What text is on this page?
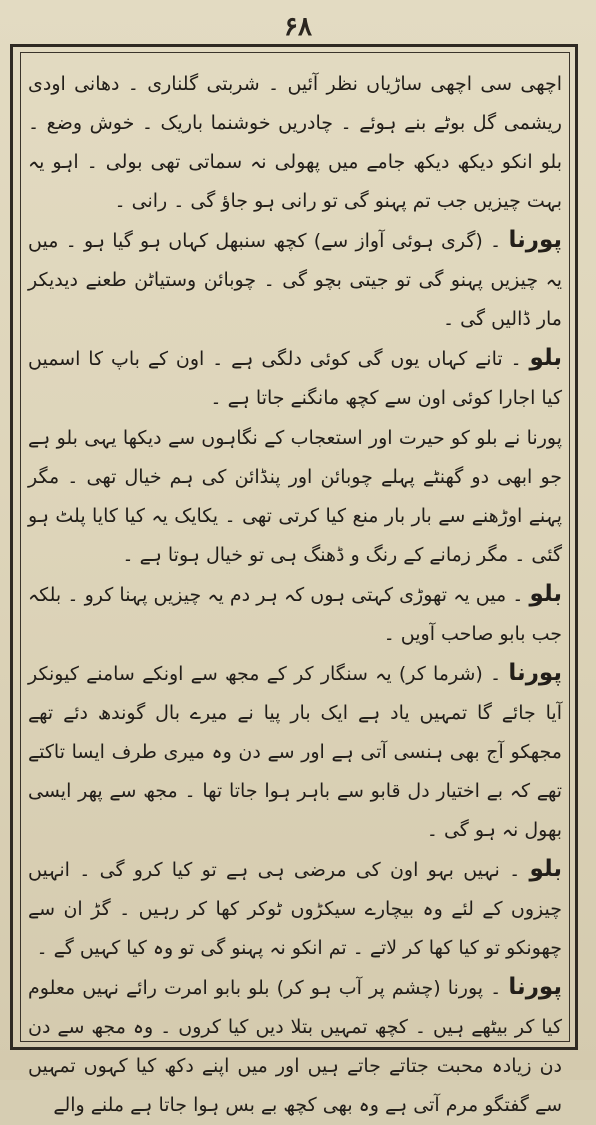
۶۸

اچھی سی اچھی ساڑیاں نظر آئیں ۔ شربتی گلناری ۔ دھانی اودی ریشمی گل بوٹے بنے ہوئے ۔ چادریں خوشنما باریک ۔ خوش وضع ۔ بلو انکو دیکھ دیکھ جامے میں پھولی نہ سماتی تھی بولی ۔ اہو یہ بہت چیزیں جب تم پہنو گی تو رانی ہو جاؤ گی ۔ رانی ۔

پورنا ۔ (گری ہوئی آواز سے) کچھ سنبھل کہاں ہو گیا ہو ۔ میں یہ چیزیں پہنو گی تو جیتی بچو گی ۔ چوبائن وستیاٹن طعنے دیدیکر مار ڈالیں گی ۔

بلو ۔ تانے کہاں یوں گی کوئی دلگی ہے ۔ اون کے باپ کا اسمیں کیا اجارا کوئی اون سے کچھ مانگنے جاتا ہے ۔

پورنا نے بلو کو حیرت اور استعجاب کے نگاہوں سے دیکھا یہی بلو ہے جو ابھی دو گھنٹے پہلے چوبائن اور پنڈائن کی ہم خیال تھی ۔ مگر پہنے اوڑھنے سے بار بار منع کیا کرتی تھی ۔ یکایک یہ کیا کایا پلٹ ہو گئی ۔ مگر زمانے کے رنگ و ڈھنگ ہی تو خیال ہوتا ہے ۔

بلو ۔ میں یہ تھوڑی کہتی ہوں کہ ہر دم یہ چیزیں پہنا کرو ۔ بلکہ جب بابو صاحب آویں ۔

پورنا ۔ (شرما کر) یہ سنگار کر کے مجھ سے اونکے سامنے کیونکر آیا جائے گا تمہیں یاد ہے ایک بار پیا نے میرے بال گوندھ دئے تھے مجھکو آج بھی ہنسی آتی ہے اور سے دن وہ میری طرف ایسا تاکتے تھے کہ بے اختیار دل قابو سے باہر ہوا جاتا تھا ۔ مجھ سے پھر ایسی بھول نہ ہو گی ۔

بلو ۔ نہیں بہو اون کی مرضی ہی ہے تو کیا کرو گی ۔ انہیں چیزوں کے لئے وہ بیچارے سیکڑوں ٹوکر کھا کر رہیں ۔ گڑ ان سے چھونکو تو کیا کھا کر لاتے ۔ تم انکو نہ پہنو گی تو وہ کیا کہیں گے ۔

پورنا ۔ پورنا (چشم پر آب ہو کر) بلو بابو امرت رائے نہیں معلوم کیا کر بیٹھے ہیں ۔ کچھ تمہیں بتلا دیں کیا کروں ۔ وہ مجھ سے دن دن زیادہ محبت جتاتے جاتے ہیں اور میں اپنے دکھ کیا کہوں تمہیں سے گفتگو مرم آتی ہے وہ بھی کچھ بے بس ہوا جاتا ہے ملنے والے
